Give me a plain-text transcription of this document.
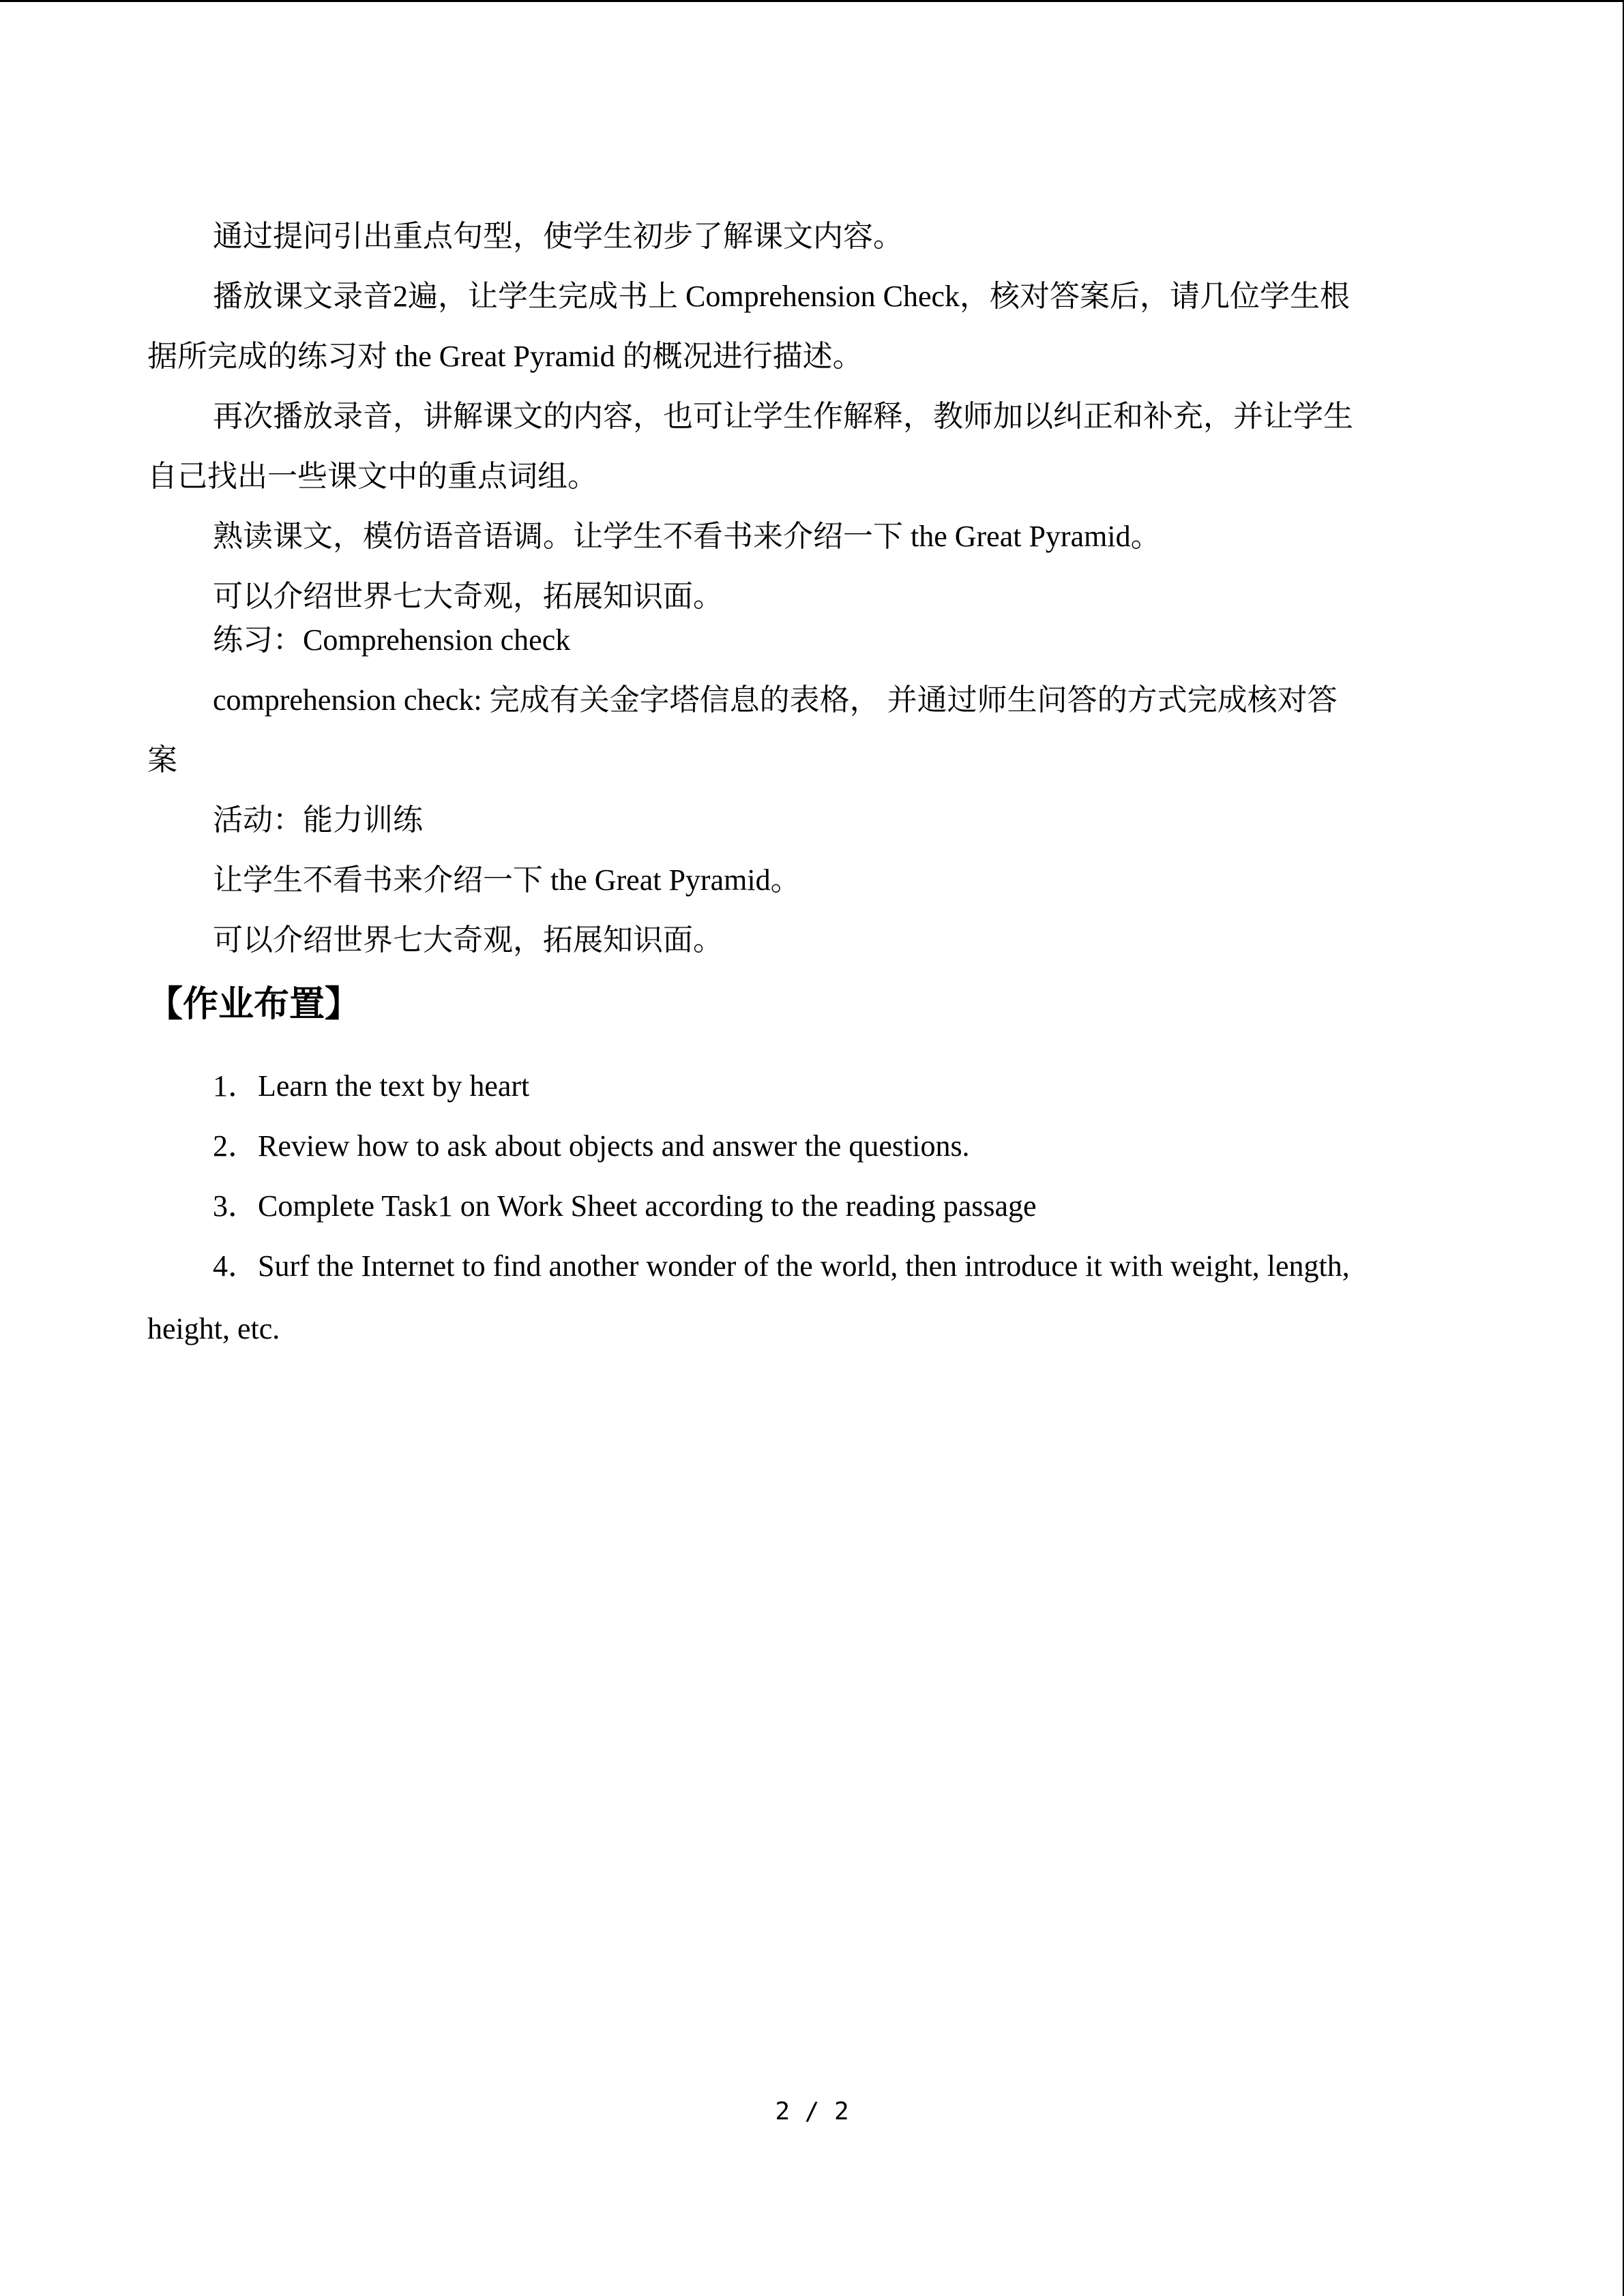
通过提问引出重点句型，使学生初步了解课文内容。
播放课文录音2遍，让学生完成书上 Comprehension Check，核对答案后，请几位学生根
据所完成的练习对 the Great Pyramid 的概况进行描述。
再次播放录音，讲解课文的内容，也可让学生作解释，教师加以纠正和补充，并让学生
自己找出一些课文中的重点词组。
熟读课文，模仿语音语调。让学生不看书来介绍一下 the Great Pyramid。
可以介绍世界七大奇观，拓展知识面。
练习：Comprehension check
comprehension check: 完成有关金字塔信息的表格， 并通过师生问答的方式完成核对答
案
活动：能力训练
让学生不看书来介绍一下 the Great Pyramid。
可以介绍世界七大奇观，拓展知识面。
【作业布置】
1．Learn the text by heart
2．Review how to ask about objects and answer the questions.
3．Complete Task1 on Work Sheet according to the reading passage
4．Surf the Internet to find another wonder of the world, then introduce it with weight, length,
height, etc.
2 / 2
